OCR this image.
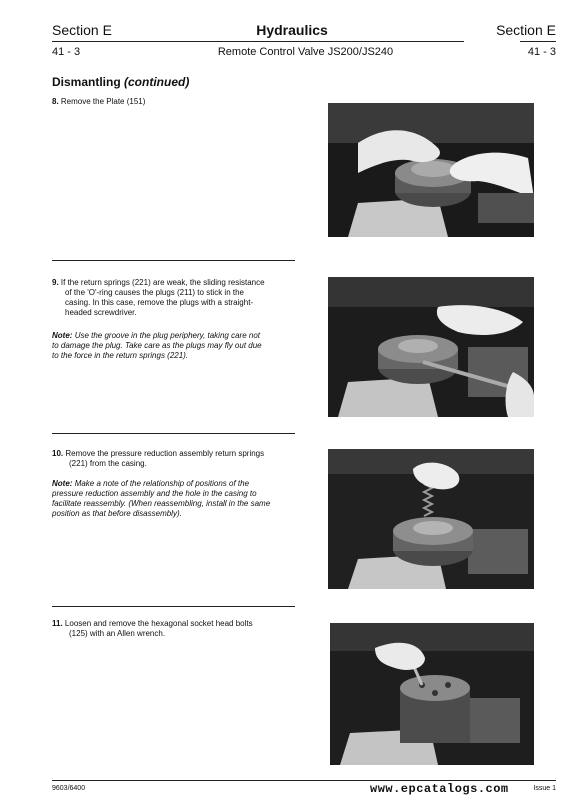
Section E	Hydraulics	Section E
41 - 3	Remote Control Valve JS200/JS240	41 - 3
Dismantling (continued)
8. Remove the Plate (151)
9. If the return springs (221) are weak, the sliding resistance
of the 'O'-ring causes the plugs (211) to stick in the
casing. In this case, remove the plugs with a straight-
headed screwdriver.
Note: Use the groove in the plug periphery, taking care not
to damage the plug. Take care as the plugs may fly out due
to the force in the return springs (221).
10. Remove the pressure reduction assembly return springs
(221) from the casing.
Note: Make a note of the relationship of positions of the
pressure reduction assembly and the hole in the casing to
facilitate reassembly. (When reassembling, install in the same
position as that before disassembly).
11. Loosen and remove the hexagonal socket head bolts
(125) with an Allen wrench.
9603/6400	www.epcatalogs.com	Issue 1
